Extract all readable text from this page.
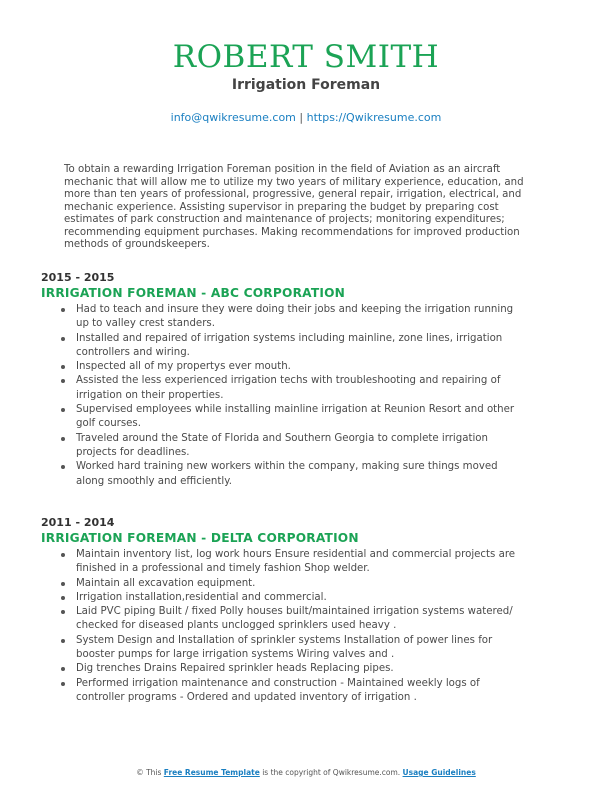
ROBERT SMITH
Irrigation Foreman
info@qwikresume.com | https://Qwikresume.com
To obtain a rewarding Irrigation Foreman position in the field of Aviation as an aircraft mechanic that will allow me to utilize my two years of military experience, education, and more than ten years of professional, progressive, general repair, irrigation, electrical, and mechanic experience. Assisting supervisor in preparing the budget by preparing cost estimates of park construction and maintenance of projects; monitoring expenditures; recommending equipment purchases. Making recommendations for improved production methods of groundskeepers.
2015 - 2015
IRRIGATION FOREMAN - ABC CORPORATION
Had to teach and insure they were doing their jobs and keeping the irrigation running up to valley crest standers.
Installed and repaired of irrigation systems including mainline, zone lines, irrigation controllers and wiring.
Inspected all of my propertys ever mouth.
Assisted the less experienced irrigation techs with troubleshooting and repairing of irrigation on their properties.
Supervised employees while installing mainline irrigation at Reunion Resort and other golf courses.
Traveled around the State of Florida and Southern Georgia to complete irrigation projects for deadlines.
Worked hard training new workers within the company, making sure things moved along smoothly and efficiently.
2011 - 2014
IRRIGATION FOREMAN - DELTA CORPORATION
Maintain inventory list, log work hours Ensure residential and commercial projects are finished in a professional and timely fashion Shop welder.
Maintain all excavation equipment.
Irrigation installation,residential and commercial.
Laid PVC piping Built / fixed Polly houses built/maintained irrigation systems watered/ checked for diseased plants unclogged sprinklers used heavy .
System Design and Installation of sprinkler systems Installation of power lines for booster pumps for large irrigation systems Wiring valves and .
Dig trenches Drains Repaired sprinkler heads Replacing pipes.
Performed irrigation maintenance and construction - Maintained weekly logs of controller programs - Ordered and updated inventory of irrigation .
© This Free Resume Template is the copyright of Qwikresume.com. Usage Guidelines
